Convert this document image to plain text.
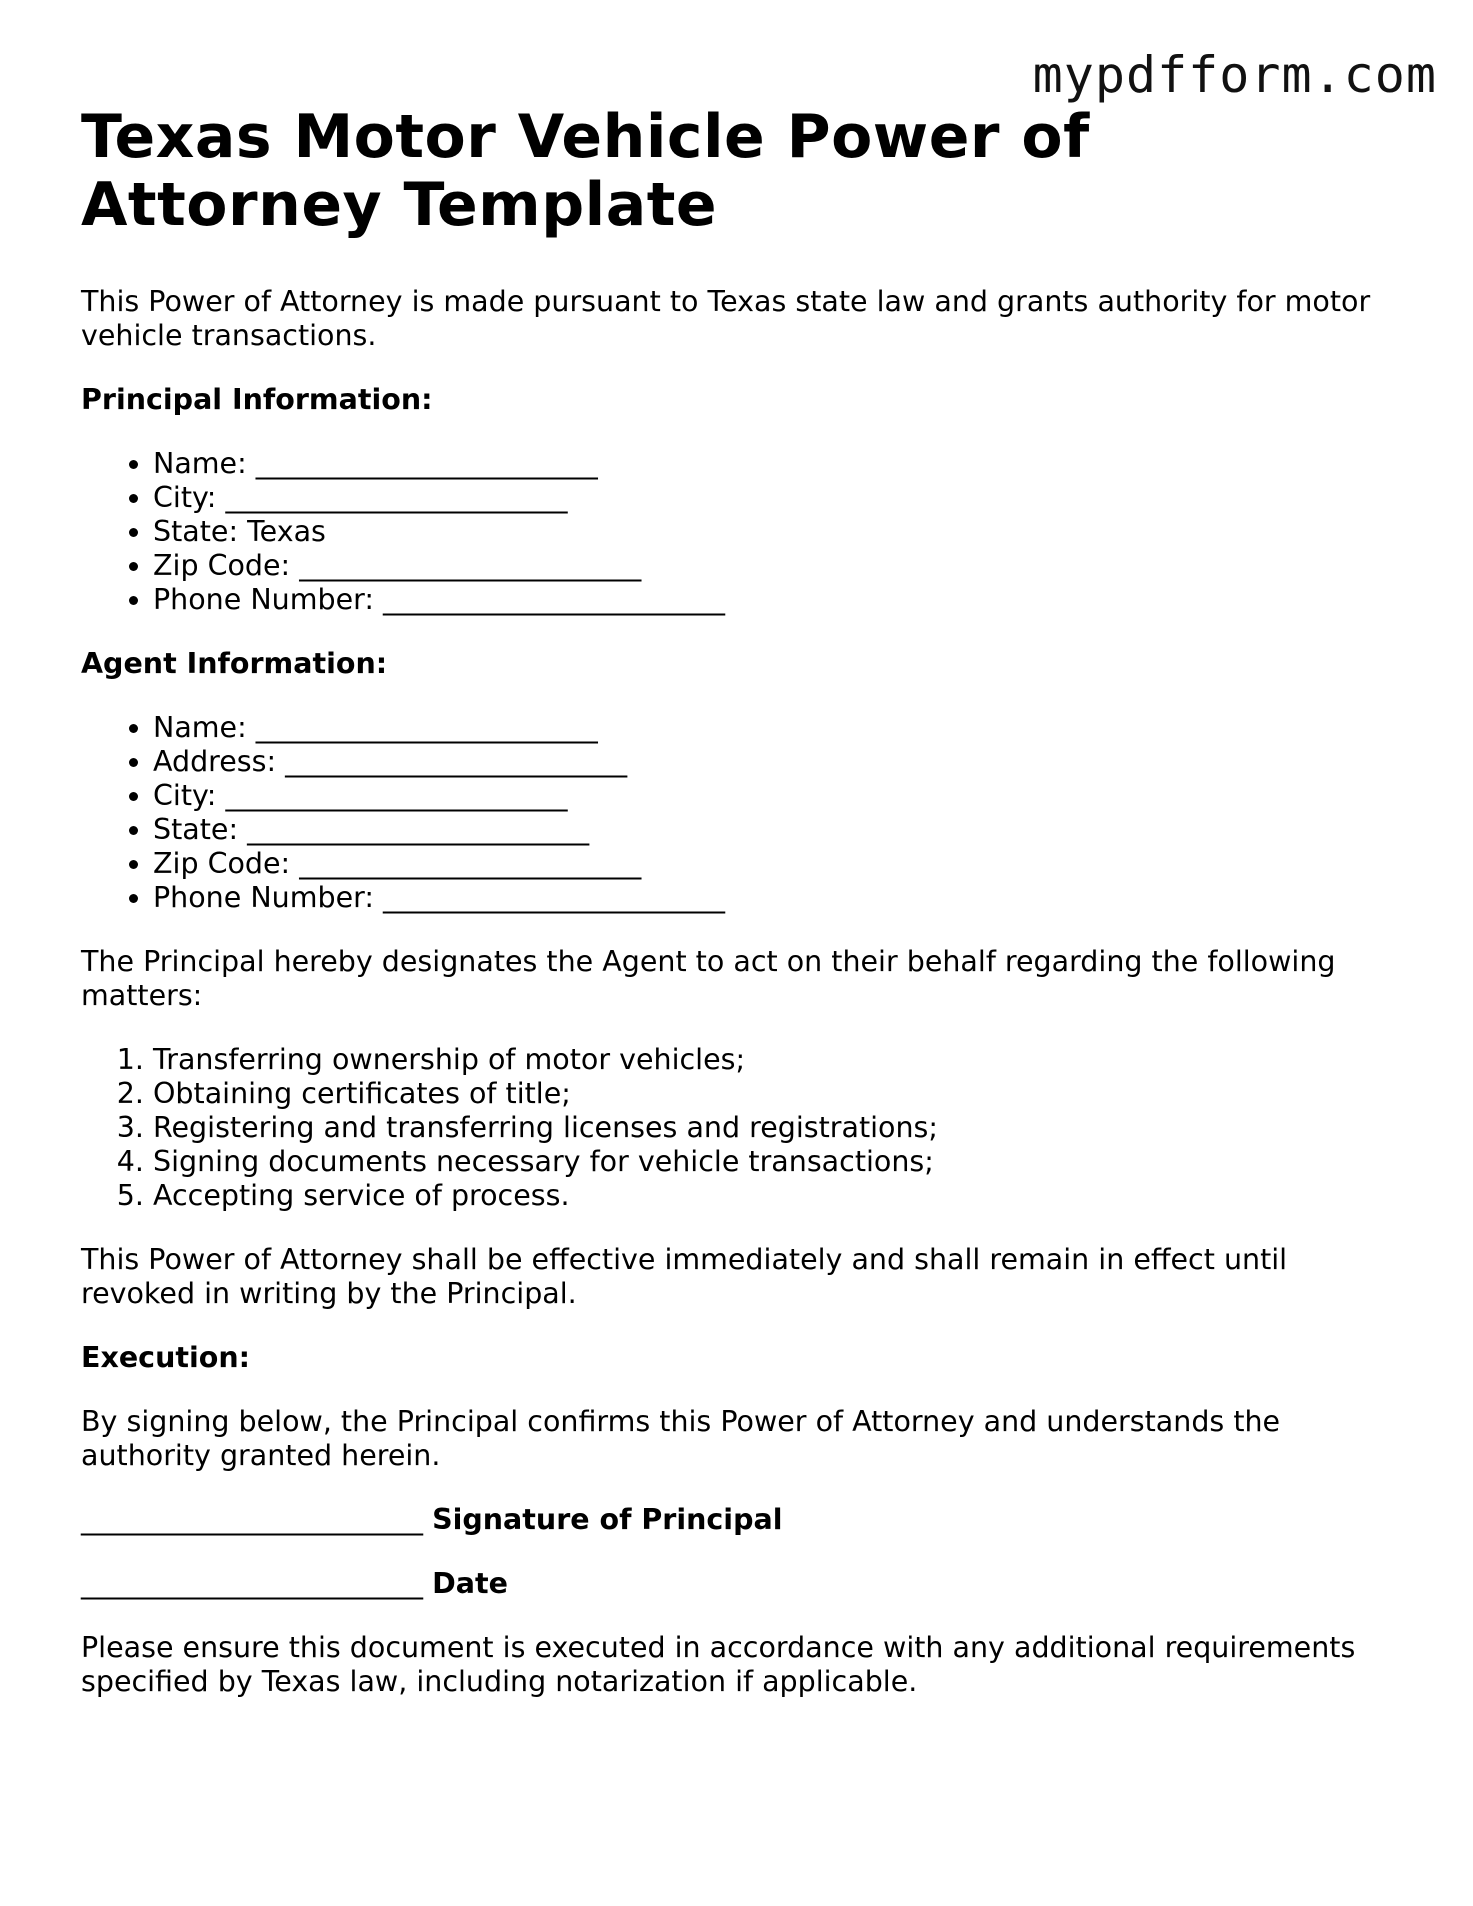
mypdfform.com
Texas Motor Vehicle Power of Attorney Template

This Power of Attorney is made pursuant to Texas state law and grants authority for motor vehicle transactions.

Principal Information:
• Name: ________________________
• City: ________________________
• State: Texas
• Zip Code: ________________________
• Phone Number: ________________________
Agent Information:
• Name: ________________________
• Address: ________________________
• City: ________________________
• State: ________________________
• Zip Code: ________________________
• Phone Number: ________________________

The Principal hereby designates the Agent to act on their behalf regarding the following matters:

1. Transferring ownership of motor vehicles;
2. Obtaining certificates of title;
3. Registering and transferring licenses and registrations;
4. Signing documents necessary for vehicle transactions;
5. Accepting service of process.

This Power of Attorney shall be effective immediately and shall remain in effect until revoked in writing by the Principal.

Execution:

By signing below, the Principal confirms this Power of Attorney and understands the authority granted herein.

________________________ Signature of Principal
________________________ Date

Please ensure this document is executed in accordance with any additional requirements specified by Texas law, including notarization if applicable.
